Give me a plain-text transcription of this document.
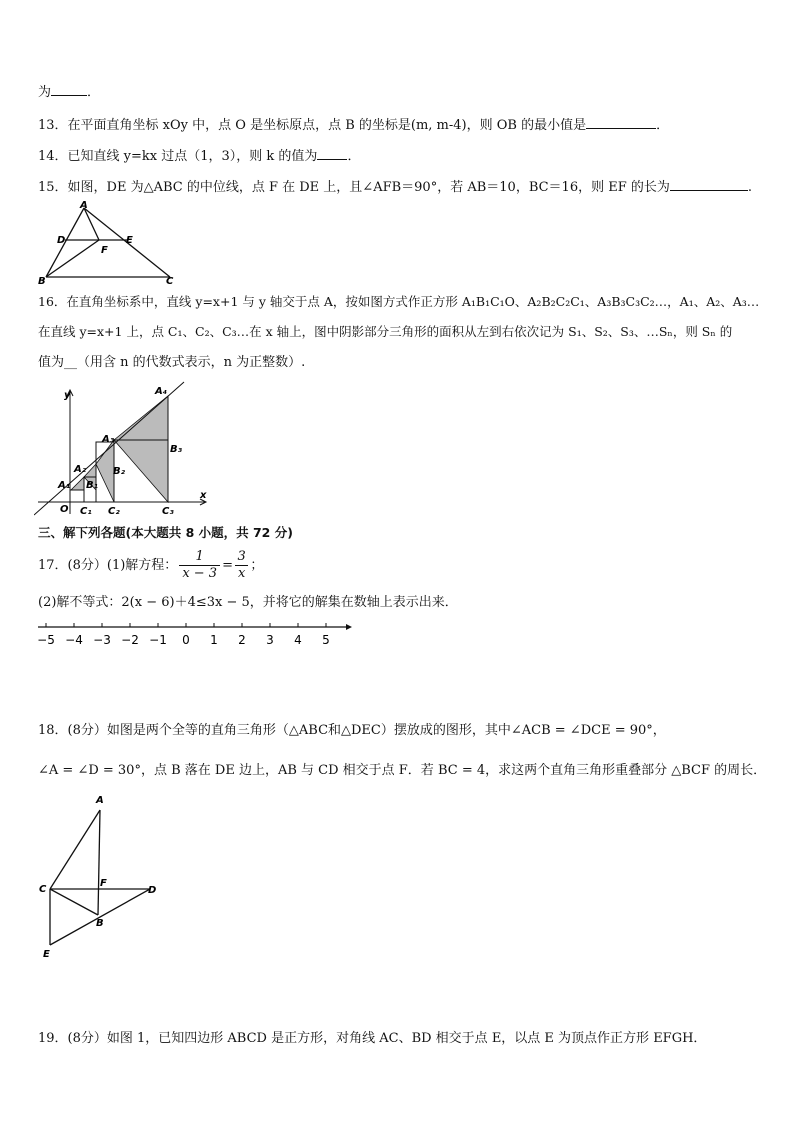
为	．
13．在平面直角坐标 xOy 中，点 O 是坐标原点，点 B 的坐标是(m, m-4)，则 OB 的最小值是	．
14．已知直线 y=kx 过点（1，3），则 k 的值为 ．
15．如图，DE 为△ABC 的中位线，点 F 在 DE 上，且∠AFB＝90°，若 AB＝10，BC＝16，则 EF 的长为	.
A
D	E
F
B	C
16．在直角坐标系中，直线 y=x+1 与 y 轴交于点 A，按如图方式作正方形 A₁B₁C₁O、A₂B₂C₂C₁、A₃B₃C₃C₂…，A₁、A₂、A₃…
在直线 y=x+1 上，点 C₁、C₂、C₃…在 x 轴上，图中阴影部分三角形的面积从左到右依次记为 S₁、S₂、S₃、…Sₙ，则 Sₙ 的
值为__（用含 n 的代数式表示，n 为正整数）.
y
x
O
A₁
A₂
A₃
A₄
B₁
B₂
B₃
C₁ C₂	C₃
三、解下列各题(本大题共 8 小题，共 72 分)
17．(8分）(1)解方程： $\frac{1}{x - 3} = \frac{3}{x}$ ；
(2)解不等式：2(x − 6)＋4≤3x − 5，并将它的解集在数轴上表示出来．
−5 −4 −3 −2 −1 0 1 2 3 4 5
18．(8分）如图是两个全等的直角三角形（△ABC和△DEC）摆放成的图形，其中∠ACB = ∠DCE = 90°，
∠A = ∠D = 30°，点 B 落在 DE 边上，AB 与 CD 相交于点 F．若 BC = 4，求这两个直角三角形重叠部分 △BCF 的周长．
A
C
F
D
B
E
19．(8分）如图 1，已知四边形 ABCD 是正方形，对角线 AC、BD 相交于点 E，以点 E 为顶点作正方形 EFGH．
